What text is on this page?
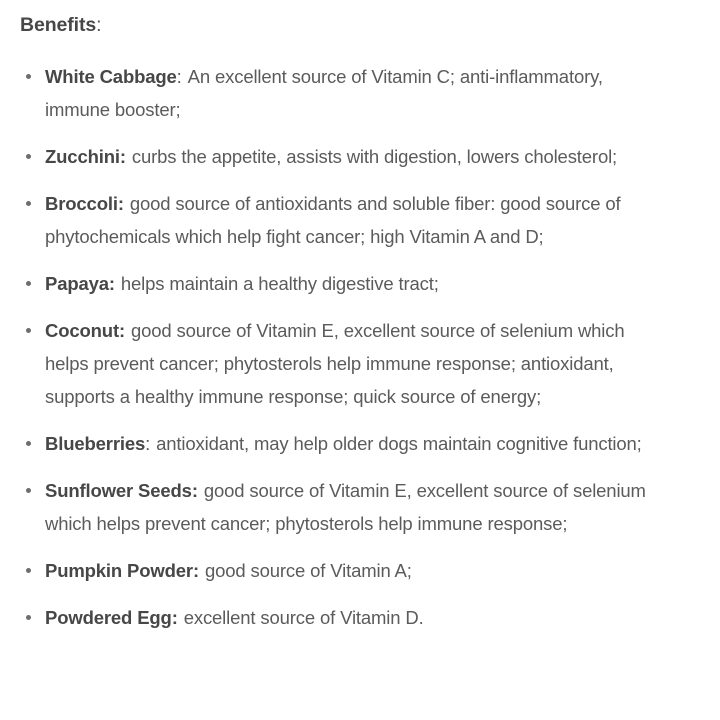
Benefits:
White Cabbage: An excellent source of Vitamin C; anti-inflammatory, immune booster;
Zucchini: curbs the appetite, assists with digestion, lowers cholesterol;
Broccoli: good source of antioxidants and soluble fiber: good source of phytochemicals which help fight cancer; high Vitamin A and D;
Papaya: helps maintain a healthy digestive tract;
Coconut: good source of Vitamin E, excellent source of selenium which helps prevent cancer; phytosterols help immune response; antioxidant, supports a healthy immune response; quick source of energy;
Blueberries: antioxidant, may help older dogs maintain cognitive function;
Sunflower Seeds: good source of Vitamin E, excellent source of selenium which helps prevent cancer; phytosterols help immune response;
Pumpkin Powder: good source of Vitamin A;
Powdered Egg: excellent source of Vitamin D.
